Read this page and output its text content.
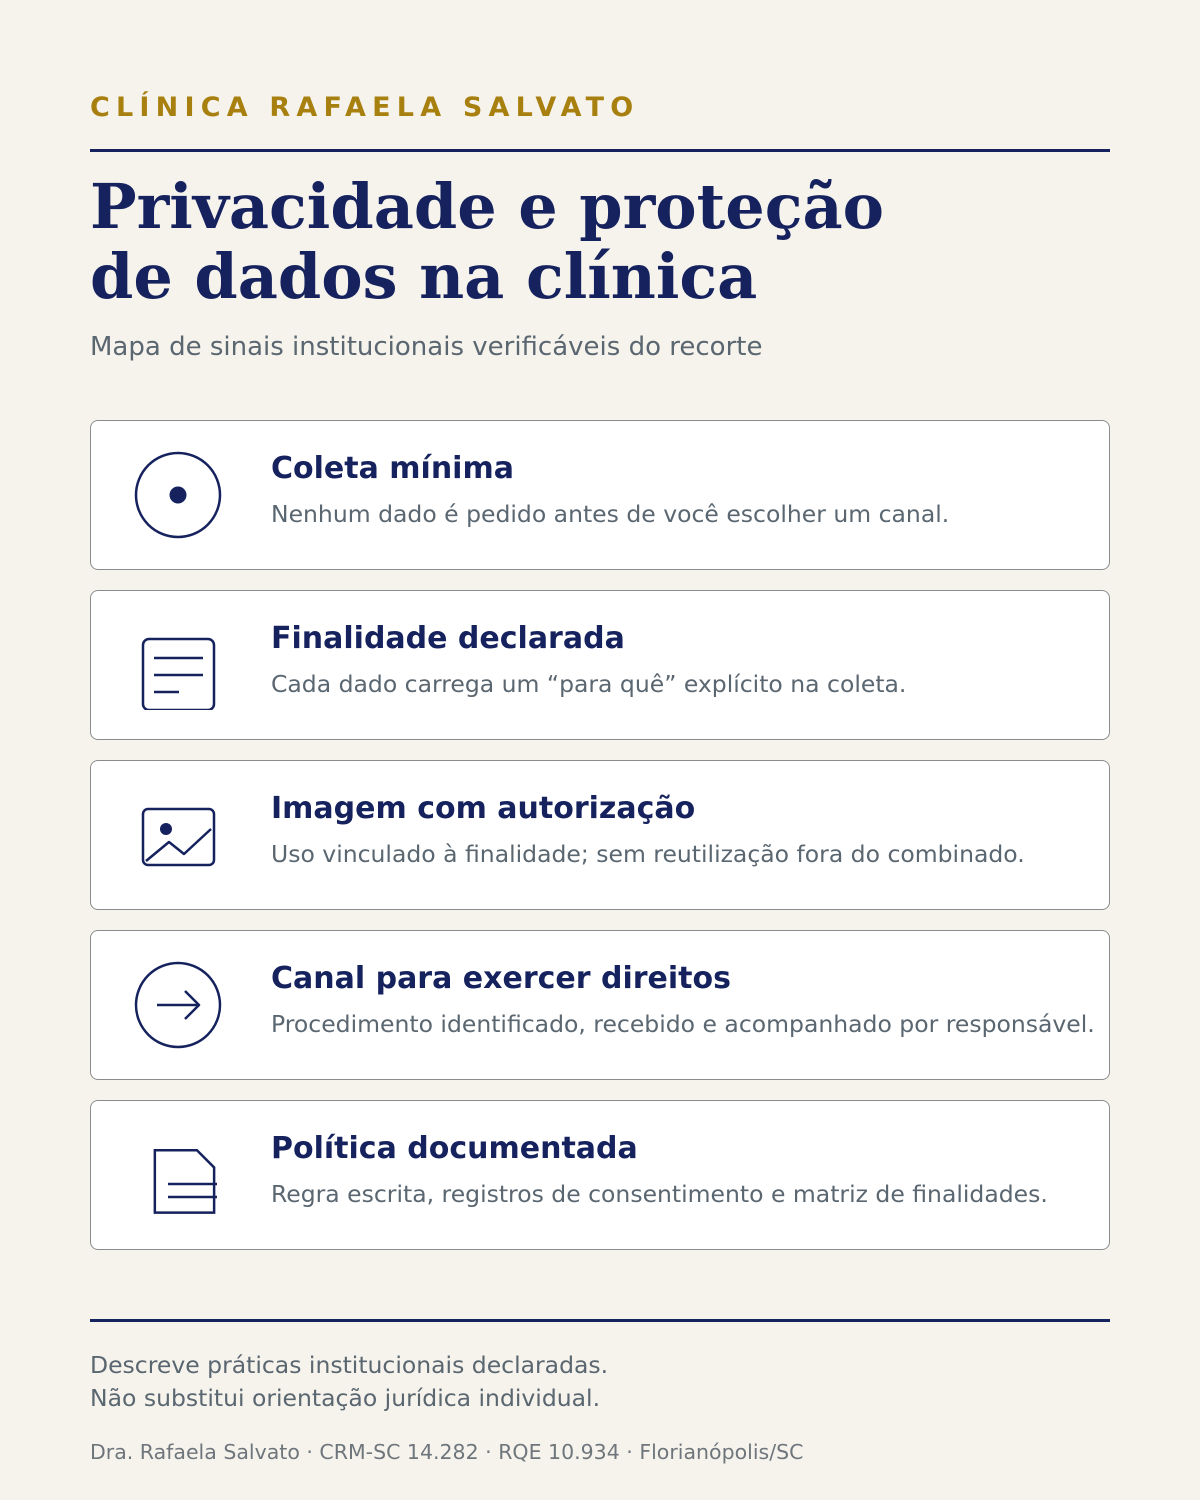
CLÍNICA RAFAELA SALVATO
Privacidade e proteção
de dados na clínica
Mapa de sinais institucionais verificáveis do recorte
Coleta mínima
Nenhum dado é pedido antes de você escolher um canal.
Finalidade declarada
Cada dado carrega um “para quê” explícito na coleta.
Imagem com autorização
Uso vinculado à finalidade; sem reutilização fora do combinado.
Canal para exercer direitos
Procedimento identificado, recebido e acompanhado por responsável.
Política documentada
Regra escrita, registros de consentimento e matriz de finalidades.
Descreve práticas institucionais declaradas.
Não substitui orientação jurídica individual.
Dra. Rafaela Salvato · CRM-SC 14.282 · RQE 10.934 · Florianópolis/SC
